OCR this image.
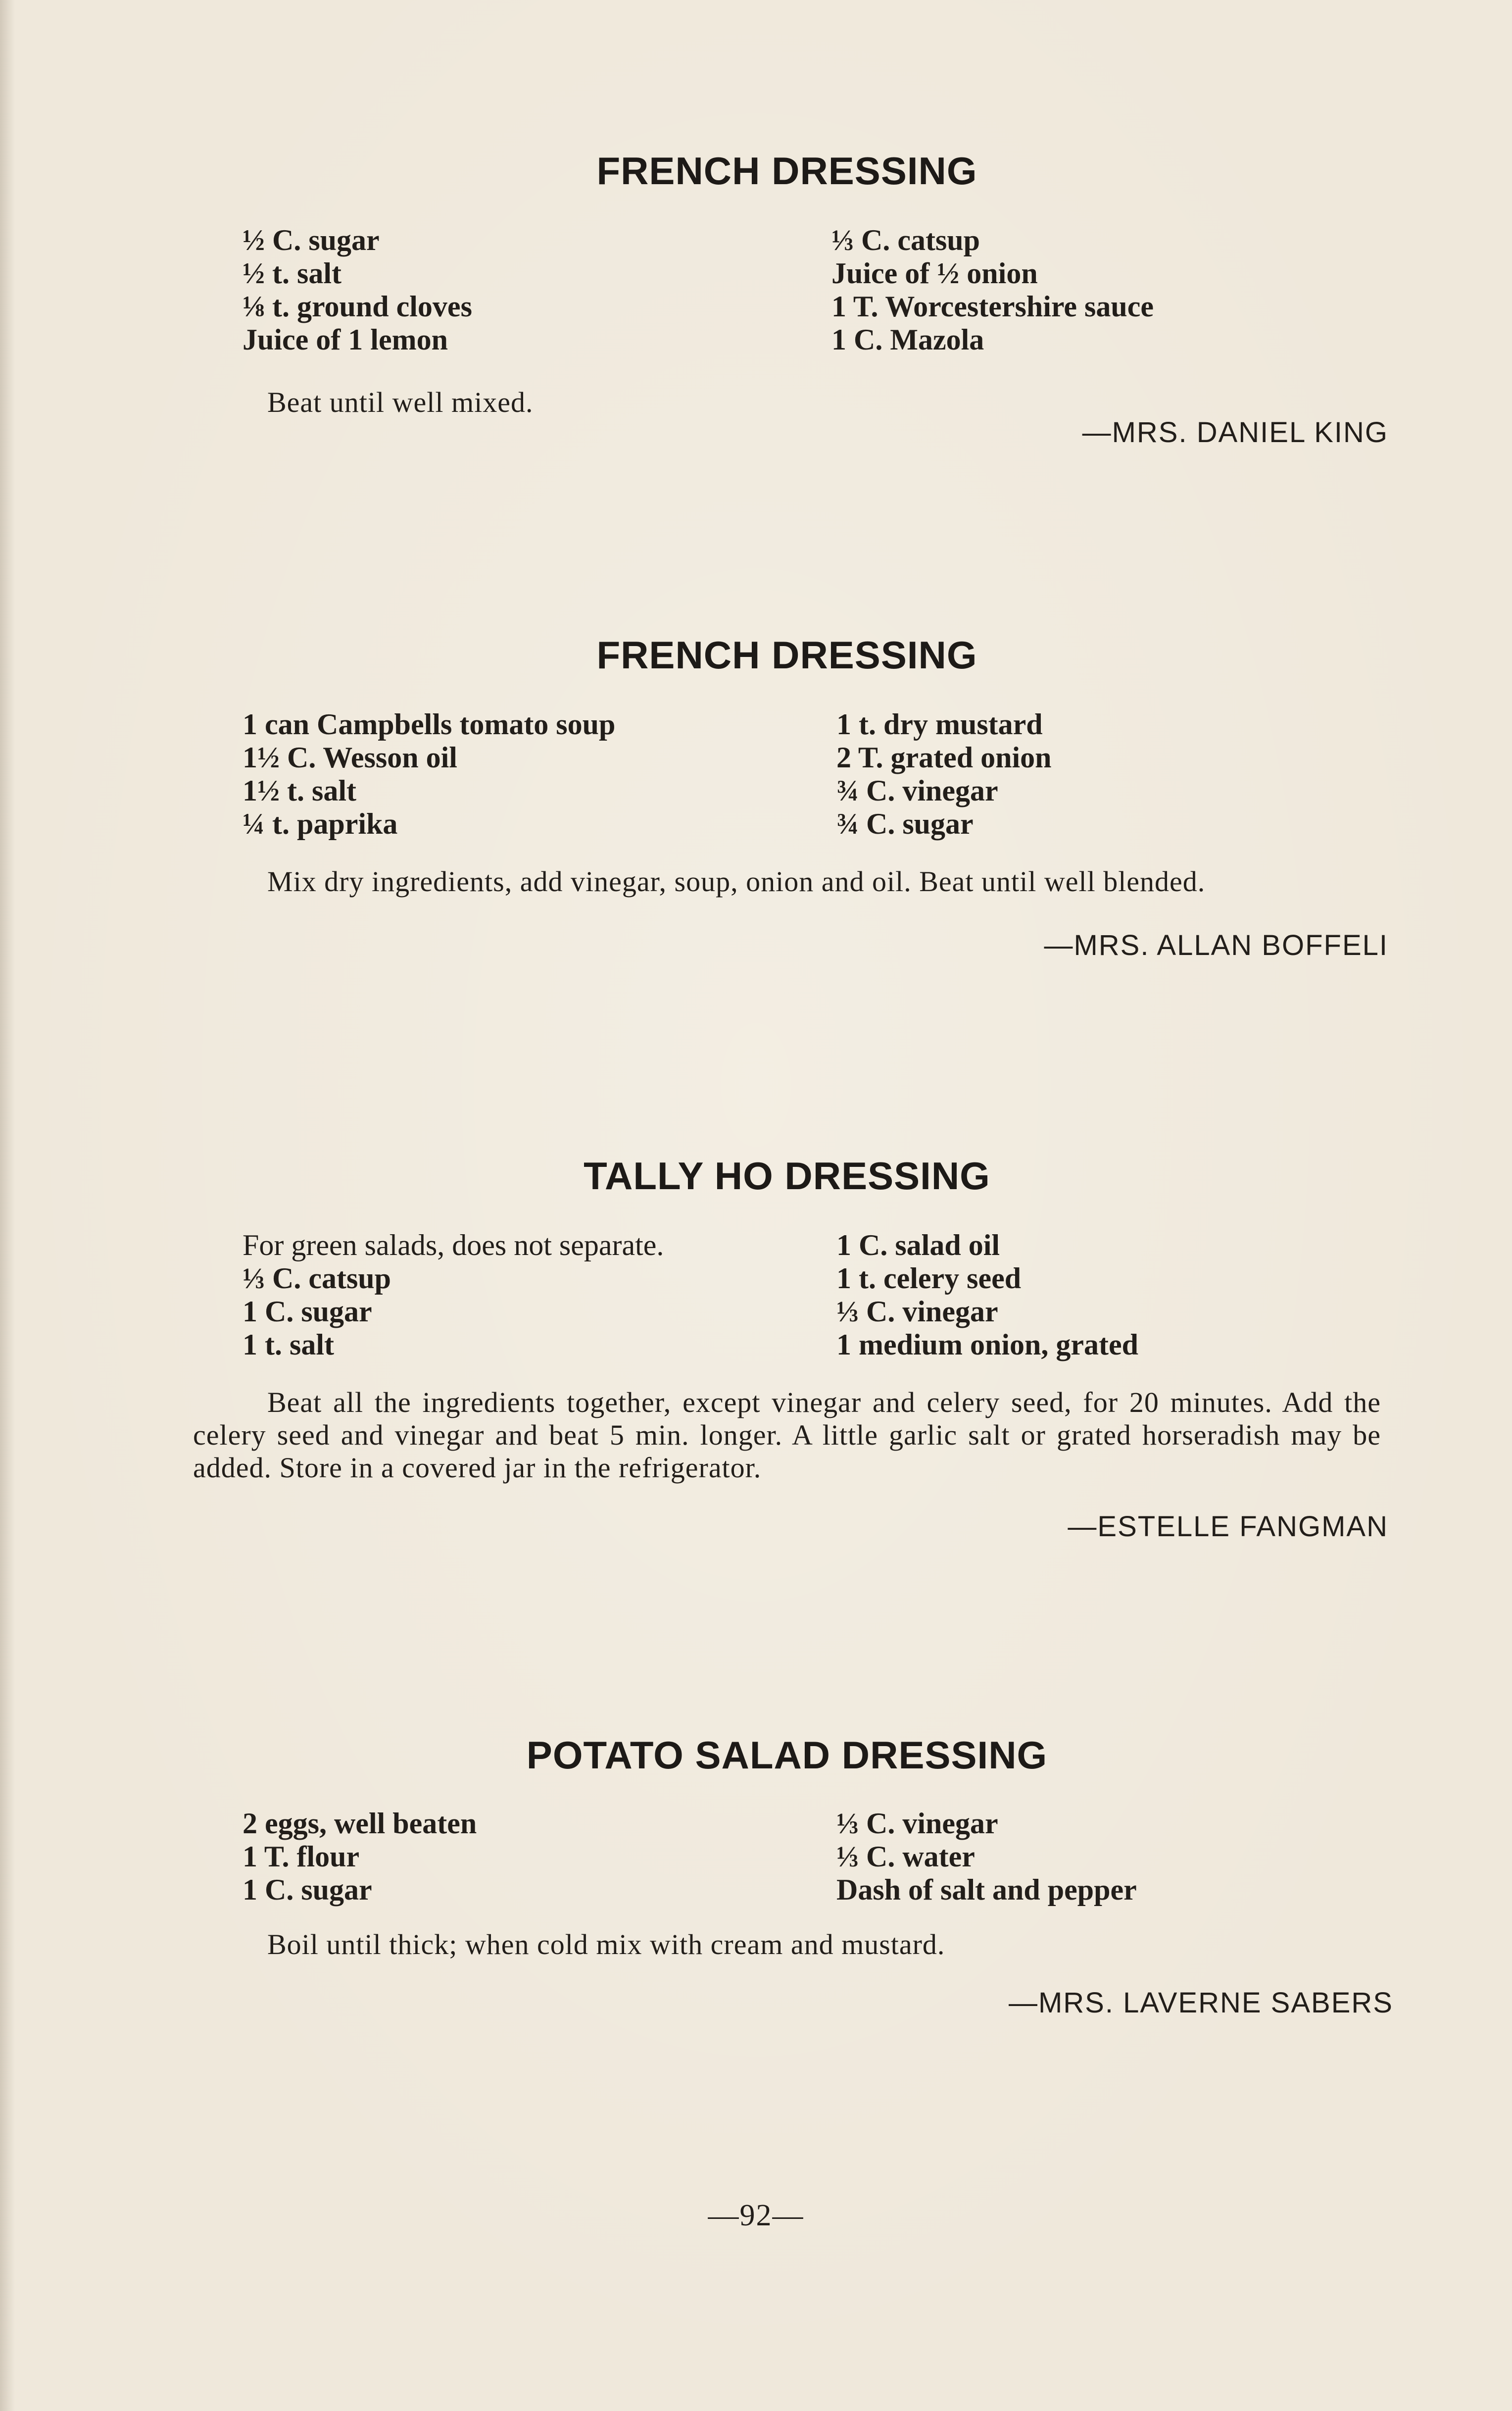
FRENCH DRESSING
½ C. sugar
½ t. salt
⅛ t. ground cloves
Juice of 1 lemon
⅓ C. catsup
Juice of ½ onion
1 T. Worcestershire sauce
1 C. Mazola
Beat until well mixed.
—MRS. DANIEL KING
FRENCH DRESSING
1 can Campbells tomato soup
1½ C. Wesson oil
1½ t. salt
¼ t. paprika
1 t. dry mustard
2 T. grated onion
¾ C. vinegar
¾ C. sugar
Mix dry ingredients, add vinegar, soup, onion and oil. Beat until well blended.
—MRS. ALLAN BOFFELI
TALLY HO DRESSING
For green salads, does not separate.
⅓ C. catsup
1 C. sugar
1 t. salt
1 C. salad oil
1 t. celery seed
⅓ C. vinegar
1 medium onion, grated
Beat all the ingredients together, except vinegar and celery seed, for 20 minutes. Add the celery seed and vinegar and beat 5 min. longer. A little garlic salt or grated horseradish may be added. Store in a covered jar in the refrigerator.
—ESTELLE FANGMAN
POTATO SALAD DRESSING
2 eggs, well beaten
1 T. flour
1 C. sugar
⅓ C. vinegar
⅓ C. water
Dash of salt and pepper
Boil until thick; when cold mix with cream and mustard.
—MRS. LAVERNE SABERS
—92—
